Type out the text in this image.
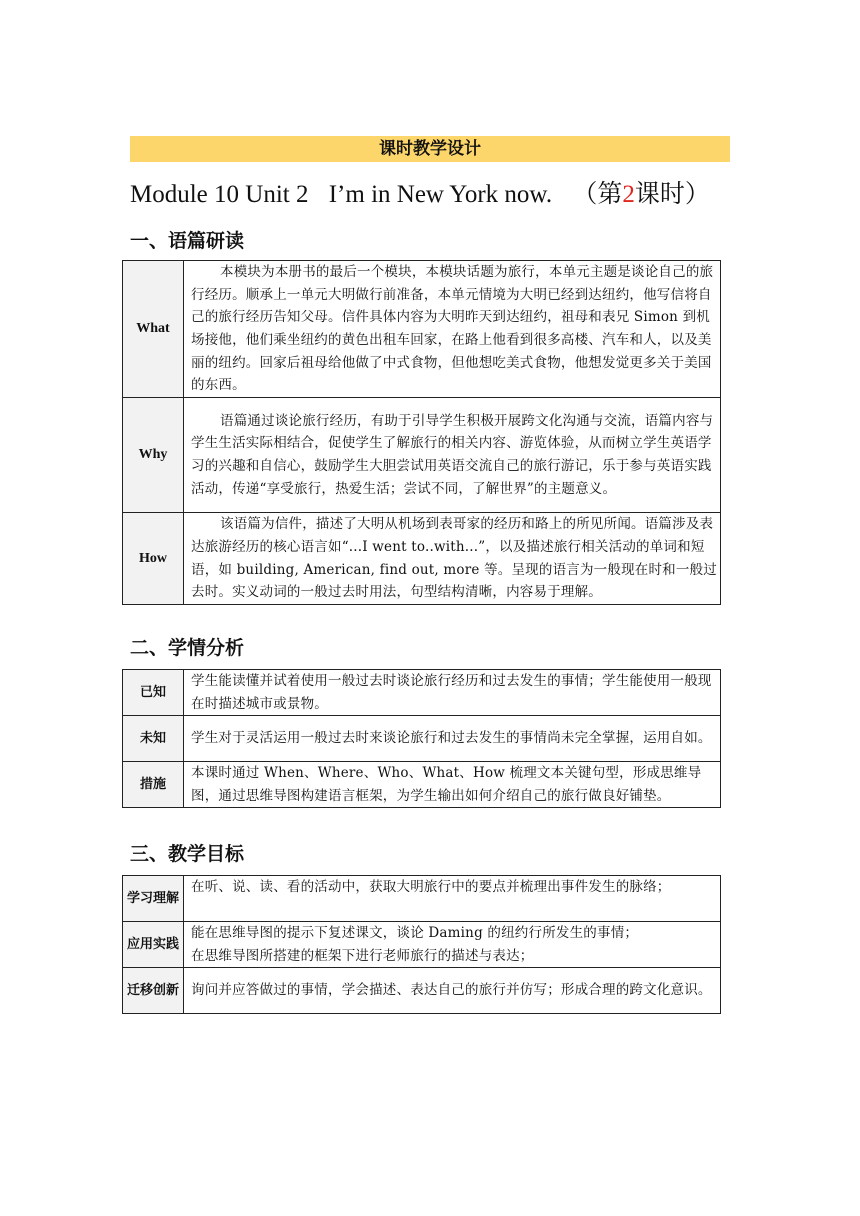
课时教学设计
Module 10 Unit 2 I’m in New York now. （第2课时）
一、语篇研读
What	本模块为本册书的最后一个模块，本模块话题为旅行，本单元主题是谈论自己的旅行经历。顺承上一单元大明做行前准备，本单元情境为大明已经到达纽约，他写信将自己的旅行经历告知父母。信件具体内容为大明昨天到达纽约，祖母和表兄 Simon 到机场接他，他们乘坐纽约的黄色出租车回家，在路上他看到很多高楼、汽车和人，以及美丽的纽约。回家后祖母给他做了中式食物，但他想吃美式食物，他想发觉更多关于美国的东西。
Why	语篇通过谈论旅行经历，有助于引导学生积极开展跨文化沟通与交流，语篇内容与学生生活实际相结合，促使学生了解旅行的相关内容、游览体验，从而树立学生英语学习的兴趣和自信心，鼓励学生大胆尝试用英语交流自己的旅行游记，乐于参与英语实践活动，传递“享受旅行，热爱生活；尝试不同，了解世界”的主题意义。
How	该语篇为信件，描述了大明从机场到表哥家的经历和路上的所见所闻。语篇涉及表达旅游经历的核心语言如“...I went to..with...”，以及描述旅行相关活动的单词和短语，如 building, American, find out, more 等。呈现的语言为一般现在时和一般过去时。实义动词的一般过去时用法，句型结构清晰，内容易于理解。
二、学情分析
已知	学生能读懂并试着使用一般过去时谈论旅行经历和过去发生的事情；学生能使用一般现在时描述城市或景物。
未知	学生对于灵活运用一般过去时来谈论旅行和过去发生的事情尚未完全掌握，运用自如。
措施	本课时通过 When、Where、Who、What、How 梳理文本关键句型，形成思维导图，通过思维导图构建语言框架，为学生输出如何介绍自己的旅行做良好铺垫。
三、教学目标
学习理解	在听、说、读、看的活动中，获取大明旅行中的要点并梳理出事件发生的脉络；

应用实践	能在思维导图的提示下复述课文，谈论 Daming 的纽约行所发生的事情；
在思维导图所搭建的框架下进行老师旅行的描述与表达；

迁移创新	询问并应答做过的事情，学会描述、表达自己的旅行并仿写；形成合理的跨文化意识。
